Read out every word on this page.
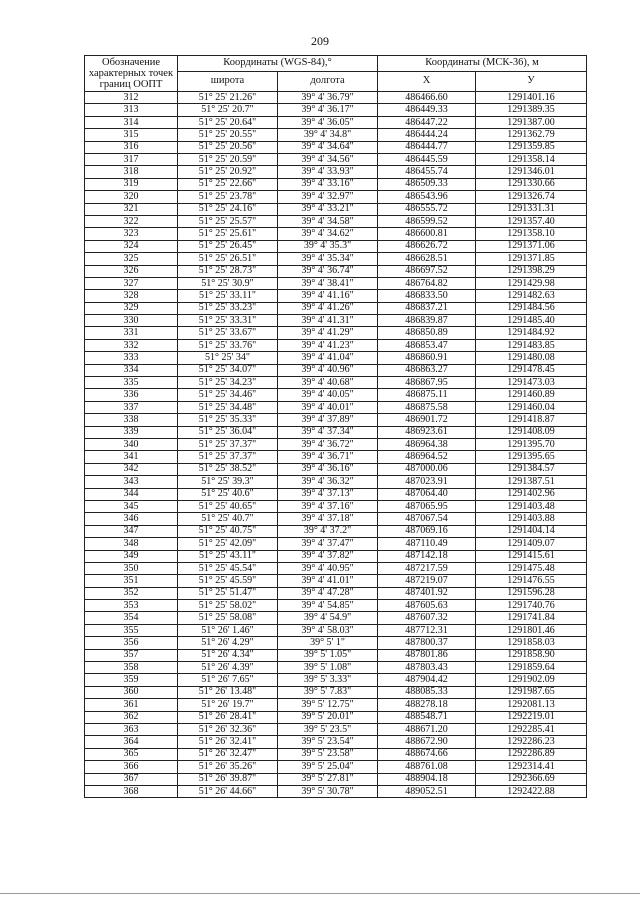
209
Обозначение характерных точек границ ООПТ	Координаты (WGS-84),°		Координаты (МСК-36), м	
	широта	долгота	X	У
312	51° 25' 21.26"	39° 4' 36.79"	486466.60	1291401.16
313	51° 25' 20.7"	39° 4' 36.17"	486449.33	1291389.35
314	51° 25' 20.64"	39° 4' 36.05"	486447.22	1291387.00
315	51° 25' 20.55"	39° 4' 34.8"	486444.24	1291362.79
316	51° 25' 20.56"	39° 4' 34.64"	486444.77	1291359.85
317	51° 25' 20.59"	39° 4' 34.56"	486445.59	1291358.14
318	51° 25' 20.92"	39° 4' 33.93"	486455.74	1291346.01
319	51° 25' 22.66"	39° 4' 33.16"	486509.33	1291330.66
320	51° 25' 23.78"	39° 4' 32.97"	486543.96	1291326.74
321	51° 25' 24.16"	39° 4' 33.21"	486555.72	1291331.31
322	51° 25' 25.57"	39° 4' 34.58"	486599.52	1291357.40
323	51° 25' 25.61"	39° 4' 34.62"	486600.81	1291358.10
324	51° 25' 26.45"	39° 4' 35.3"	486626.72	1291371.06
325	51° 25' 26.51"	39° 4' 35.34"	486628.51	1291371.85
326	51° 25' 28.73"	39° 4' 36.74"	486697.52	1291398.29
327	51° 25' 30.9"	39° 4' 38.41"	486764.82	1291429.98
328	51° 25' 33.11"	39° 4' 41.16"	486833.50	1291482.63
329	51° 25' 33.23"	39° 4' 41.26"	486837.21	1291484.56
330	51° 25' 33.31"	39° 4' 41.31"	486839.87	1291485.40
331	51° 25' 33.67"	39° 4' 41.29"	486850.89	1291484.92
332	51° 25' 33.76"	39° 4' 41.23"	486853.47	1291483.85
333	51° 25' 34"	39° 4' 41.04"	486860.91	1291480.08
334	51° 25' 34.07"	39° 4' 40.96"	486863.27	1291478.45
335	51° 25' 34.23"	39° 4' 40.68"	486867.95	1291473.03
336	51° 25' 34.46"	39° 4' 40.05"	486875.11	1291460.89
337	51° 25' 34.48"	39° 4' 40.01"	486875.58	1291460.04
338	51° 25' 35.33"	39° 4' 37.89"	486901.72	1291418.87
339	51° 25' 36.04"	39° 4' 37.34"	486923.61	1291408.09
340	51° 25' 37.37"	39° 4' 36.72"	486964.38	1291395.70
341	51° 25' 37.37"	39° 4' 36.71"	486964.52	1291395.65
342	51° 25' 38.52"	39° 4' 36.16"	487000.06	1291384.57
343	51° 25' 39.3"	39° 4' 36.32"	487023.91	1291387.51
344	51° 25' 40.6"	39° 4' 37.13"	487064.40	1291402.96
345	51° 25' 40.65"	39° 4' 37.16"	487065.95	1291403.48
346	51° 25' 40.7"	39° 4' 37.18"	487067.54	1291403.88
347	51° 25' 40.75"	39° 4' 37.2"	487069.16	1291404.14
348	51° 25' 42.09"	39° 4' 37.47"	487110.49	1291409.07
349	51° 25' 43.11"	39° 4' 37.82"	487142.18	1291415.61
350	51° 25' 45.54"	39° 4' 40.95"	487217.59	1291475.48
351	51° 25' 45.59"	39° 4' 41.01"	487219.07	1291476.55
352	51° 25' 51.47"	39° 4' 47.28"	487401.92	1291596.28
353	51° 25' 58.02"	39° 4' 54.85"	487605.63	1291740.76
354	51° 25' 58.08"	39° 4' 54.9"	487607.32	1291741.84
355	51° 26' 1.46"	39° 4' 58.03"	487712.31	1291801.46
356	51° 26' 4.29"	39° 5' 1"	487800.37	1291858.03
357	51° 26' 4.34"	39° 5' 1.05"	487801.86	1291858.90
358	51° 26' 4.39"	39° 5' 1.08"	487803.43	1291859.64
359	51° 26' 7.65"	39° 5' 3.33"	487904.42	1291902.09
360	51° 26' 13.48"	39° 5' 7.83"	488085.33	1291987.65
361	51° 26' 19.7"	39° 5' 12.75"	488278.18	1292081.13
362	51° 26' 28.41"	39° 5' 20.01"	488548.71	1292219.01
363	51° 26' 32.36"	39° 5' 23.5"	488671.20	1292285.41
364	51° 26' 32.41"	39° 5' 23.54"	488672.90	1292286.23
365	51° 26' 32.47"	39° 5' 23.58"	488674.66	1292286.89
366	51° 26' 35.26"	39° 5' 25.04"	488761.08	1292314.41
367	51° 26' 39.87"	39° 5' 27.81"	488904.18	1292366.69
368	51° 26' 44.66"	39° 5' 30.78"	489052.51	1292422.88
